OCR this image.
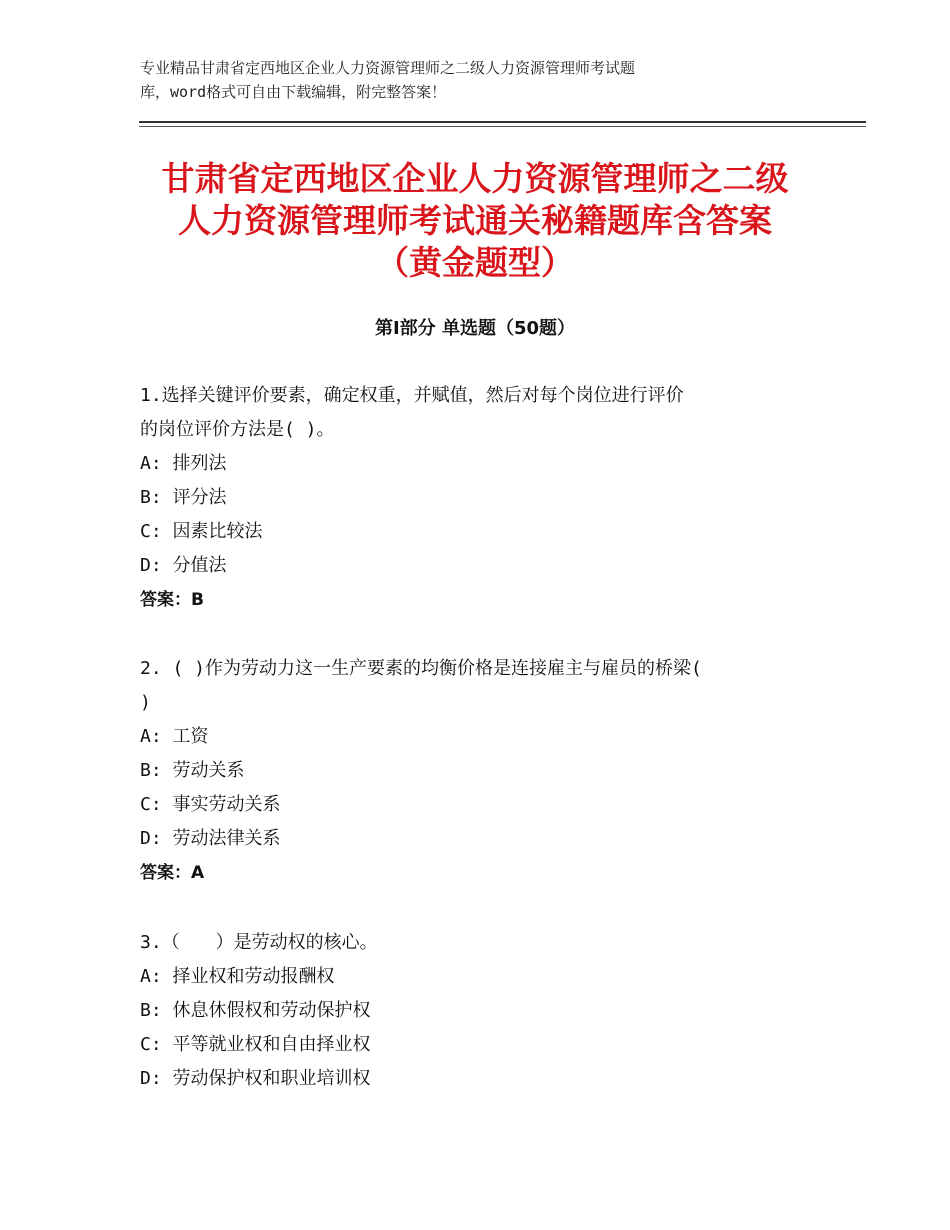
专业精品甘肃省定西地区企业人力资源管理师之二级人力资源管理师考试题
库，word格式可自由下载编辑，附完整答案！
甘肃省定西地区企业人力资源管理师之二级
人力资源管理师考试通关秘籍题库含答案
（黄金题型）
第Ⅰ部分 单选题（50题）
1.选择关键评价要素，确定权重，并赋值，然后对每个岗位进行评价
的岗位评价方法是( )。
A: 排列法
B: 评分法
C: 因素比较法
D: 分值法
答案：B
2. ( )作为劳动力这一生产要素的均衡价格是连接雇主与雇员的桥梁(
)
A: 工资
B: 劳动关系
C: 事实劳动关系
D: 劳动法律关系
答案：A
3.（　　）是劳动权的核心。
A: 择业权和劳动报酬权
B: 休息休假权和劳动保护权
C: 平等就业权和自由择业权
D: 劳动保护权和职业培训权
